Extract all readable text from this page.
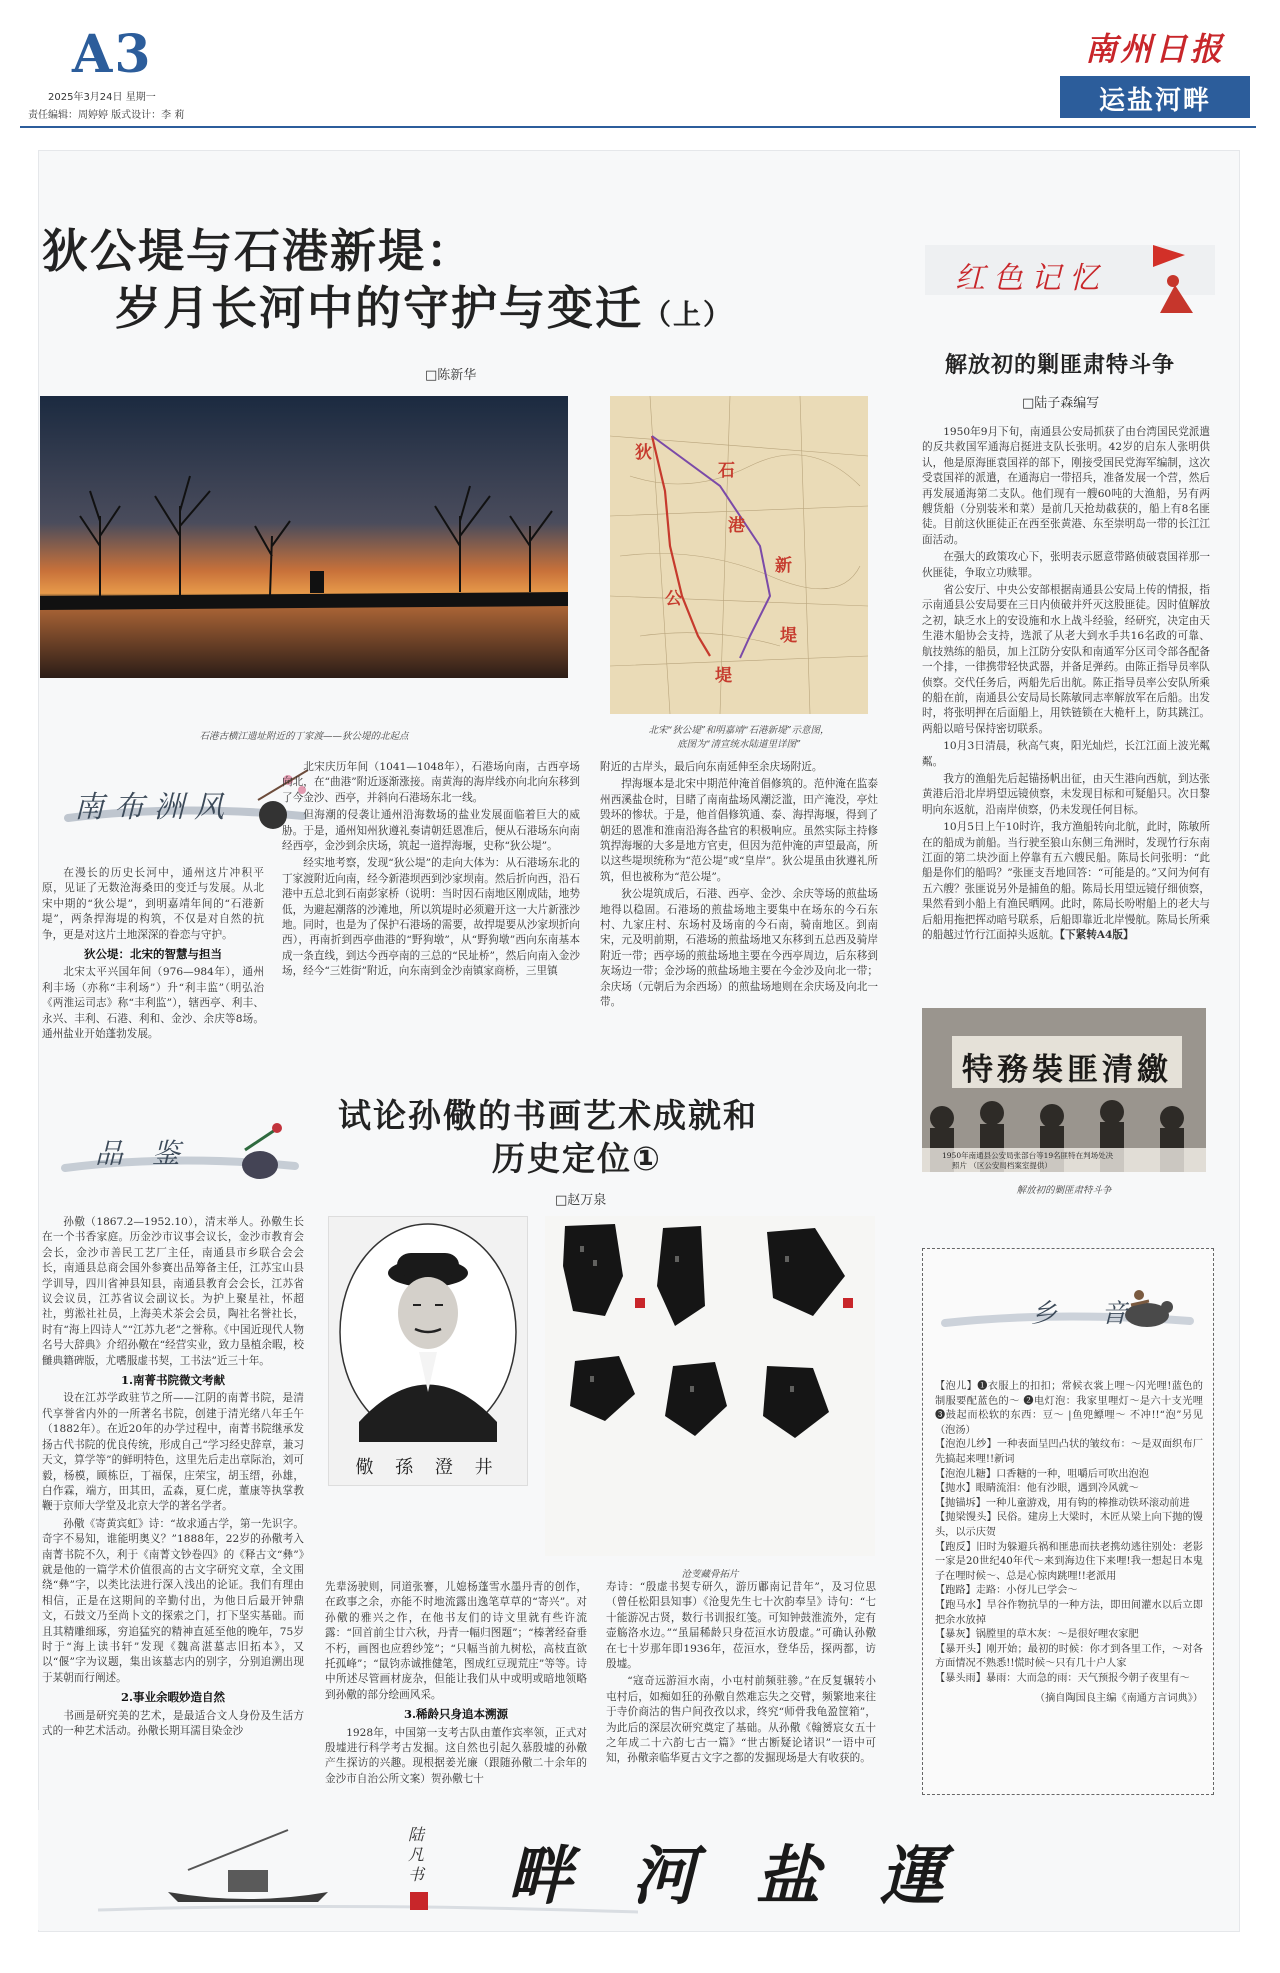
A3
2025年3月24日 星期一
责任编辑：周婷婷 版式设计：李 莉
南州日报
运盐河畔
狄公堤与石港新堤：
岁月长河中的守护与变迁（上）
□陈新华
石港古横江遗址附近的丁家渡——狄公堤的北起点
狄
公
堤
石
港
新
堤
北宋“狄公堤”和明嘉靖“石港新堤”示意图，
底图为“清宣统水陆道里详图”
南布洲风

在漫长的历史长河中，通州这片冲积平原，见证了无数沧海桑田的变迁与发展。从北宋中期的“狄公堤”，到明嘉靖年间的“石港新堤”，两条捍海堤的构筑，不仅是对自然的抗争，更是对这片土地深深的眷恋与守护。

狄公堤：北宋的智慧与担当

北宋太平兴国年间（976—984年），通州利丰场（亦称“丰利场”）升“利丰监”（明弘治《两淮运司志》称“丰利监”），辖西亭、利丰、永兴、丰利、石港、利和、金沙、余庆等8场。通州盐业开始蓬勃发展。

北宋庆历年间（1041—1048年），石港场向南，古西亭场向北，在“曲港”附近逐渐涨接。南黄海的海岸线亦向北向东移到了今金沙、西亭，并斜向石港场东北一线。

但海潮的侵袭让通州沿海数场的盐业发展面临着巨大的威胁。于是，通州知州狄遵礼奏请朝廷恩准后，便从石港场东向南经西亭，金沙到余庆场，筑起一道捍海堰，史称“狄公堤”。

经实地考察，发现“狄公堤”的走向大体为：从石港场东北的丁家渡附近向南，经今新港坝西到沙家坝南。然后折向西，沿石港中五总北到石南彭家桥（说明：当时因石南地区刚成陆，地势低，为避起潮落的沙滩地，所以筑堤时必须避开这一大片新涨沙地。同时，也是为了保护石港场的需要，故捍堤要从沙家坝折向西），再南折到西亭曲港的“野狗墩”，从“野狗墩”西向东南基本成一条直线，到达今西亭南的三总的“民址桥”，然后向南入金沙场，经今“三姓街”附近，向东南到金沙南镇家商桥，三里镇

附近的古岸头，最后向东南延伸至余庆场附近。

捍海堰本是北宋中期范仲淹首倡修筑的。范仲淹在监泰州西溪盐仓时，目睹了南南盐场风潮泛滥，田产淹没，亭灶毁坏的惨状。于是，他首倡修筑通、泰、海捍海堰，得到了朝廷的恩准和淮南沿海各盐官的积极响应。虽然实际主持修筑捍海堰的大多是地方官吏，但因为范仲淹的声望最高，所以这些堤坝统称为“范公堤”或“皇岸”。狄公堤虽由狄遵礼所筑，但也被称为“范公堤”。

狄公堤筑成后，石港、西亭、金沙、余庆等场的煎盐场地得以稳固。石港场的煎盐场地主要集中在场东的今石东村、九家庄村、东场村及场南的今石南，骑南地区。到南宋，元及明前期，石港场的煎盐场地又东移到五总西及骑岸附近一带；西亭场的煎盐场地主要在今西亭周边，后东移到灰场边一带；金沙场的煎盐场地主要在今金沙及向北一带；余庆场（元朝后为余西场）的煎盐场地则在余庆场及向北一带。

红色记忆
解放初的剿匪肃特斗争
□陆子森编写

1950年9月下旬，南通县公安局抓获了由台湾国民党派遣的反共救国军通海启挺进支队长张明。42岁的启东人张明供认，他是原海匪袁国祥的部下，刚接受国民党海军编制，这次受袁国祥的派遣，在通海启一带招兵，准备发展一个营，然后再发展通海第二支队。他们现有一艘60吨的大渔船，另有两艘货船（分别装米和菜）是前几天抢劫截获的，船上有8名匪徒。目前这伙匪徒正在西至张黄港、东至崇明岛一带的长江江面活动。

在强大的政策攻心下，张明表示愿意带路侦破袁国祥那一伙匪徒，争取立功赎罪。

省公安厅、中央公安部根据南通县公安局上传的情报，指示南通县公安局要在三日内侦破并歼灭这股匪徒。因时值解放之初，缺乏水上的安设施和水上战斗经验，经研究，决定由天生港木船协会支持，选派了从老大到水手共16名政的可靠、航技熟练的船员，加上江防分安队和南通军分区司令部各配备一个排，一律携带轻快武器，并备足弹药。由陈正指导员率队侦察。交代任务后，两船先后出航。陈正指导员率公安队所乘的船在前，南通县公安局局长陈敏同志率解放军在后船。出发时，将张明押在后面船上，用铁链锁在大桅杆上，防其跳江。两船以暗号保持密切联系。

10月3日清晨，秋高气爽，阳光灿烂，长江江面上波光粼粼。

我方的渔船先后起锚扬帆出征，由天生港向西航，到达张黄港后沿北岸坍望远镜侦察，未发现目标和可疑船只。次日黎明向东返航，沿南岸侦察，仍未发现任何目标。

10月5日上午10时许，我方渔船转向北航，此时，陈敏所在的船成为前船。当行驶至狼山东侧三角洲时，发现竹行东南江面的第二块沙面上停靠有五六艘民船。陈局长问张明：“此船是你们的船吗？”张匪支吾地回答：“可能是的。”又问为何有五六艘？张匪说另外是捕鱼的船。陈局长用望远镜仔细侦察，果然看到小船上有渔民晒网。此时，陈局长吩咐船上的老大与后船用拖把挥动暗号联系，后船即靠近北岸慢航。陈局长所乘的船越过竹行江面掉头返航。【下紧转A4版】

特務裝匪清繳
1950年南通县公安局张部台等19名匪特在判场处决
照片 （区公安局档案室提供）
解放初的剿匪肃特斗争
品 鉴
试论孙儆的书画艺术成就和
历史定位①
□赵万泉
儆 孫 澄 井
沧芰藏骨拓片

孙儆（1867.2—1952.10），清末举人。孙儆生长在一个书香家庭。历金沙市议事会议长，金沙市教育会会长，金沙市善民工艺厂主任，南通县市乡联合会会长，南通县总商会国外参赛出品筹备主任，江苏宝山县学训导，四川省神县知县，南通县教育会会长，江苏省议会议员，江苏省议会副议长。为护上聚星社，怀超社，剪淞社社员，上海美术茶会会员，陶社名誉社长，时有“海上四诗人”“江苏九老”之誉称。《中国近现代人物名号大辞典》介绍孙儆在“经营实业，致力垦植余暇，校雠典籍碑版，尤嗜服虚书契，工书法”近三十年。

1.南菁书院微文考献

设在江苏学政驻节之所——江阴的南菁书院，是清代享誉省内外的一所著名书院，创建于清光绪八年壬午（1882年）。在近20年的办学过程中，南菁书院继承发扬古代书院的优良传统，形成自己“学习经史辞章，兼习天文，算学等”的鲜明特色，这里先后走出章际治，刘可毅，杨模，顾栋臣，丁福保，庄荣宝，胡玉缙，孙雄，白作霖，端方，田其田，孟森，夏仁虎，董康等执掌教鞭于京师大学堂及北京大学的著名学者。

孙儆《寄黄宾虹》诗：“故求通古学，第一先识字。奇字不易知，谁能明奥义？”1888年，22岁的孙儆考入南菁书院不久，利于《南菁文钞卷四》的《释古文“彝”》就是他的一篇学术价值很高的古文字研究文章，全文围绕“彝”字，以类比法进行深入浅出的论证。我们有理由相信，正是在这期间的辛勤付出，为他日后最开钟鼎文，石鼓文乃至尚卜文的探索之门，打下坚实基础。而且其精雕细琢，穷追猛究的精神直延至他的晚年，75岁时于“海上读书轩”发现《魏高湛墓志旧拓本》，又以“偃”字为议题，集出该墓志内的别字，分别追溯出现于某朝而行阐述。

2.事业余暇妙造自然

书画是研究美的艺术，是最适合文人身份及生活方式的一种艺术活动。孙儆长期耳濡目染金沙

先辈汤驶则，同道张謇，儿媳杨蓬雪水墨丹青的创作，在政事之余，亦能不时地流露出逸笔草草的“寄兴”。对孙儆的雅兴之作，在他书友们的诗文里就有些许流露：“回首前尘廿六秋，丹青一幅归图题”；“榛著经奋垂不朽，画图也应碧纱笼”；“只幅当前九树松，高枝直欲托孤峰”；“鼠钧赤诚推健笔，图成红豆现荒庄”等等。诗中所述尽管画材庞杂，但能让我们从中或明或暗地领略到孙儆的部分绘画风采。

3.稀龄只身追本溯源

1928年，中国第一支考古队由董作宾率领，正式对殷墟进行科学考古发掘。这自然也引起久慕殷墟的孙儆产生探访的兴趣。现根据姜光廉（跟随孙儆二十余年的金沙市自治公所文案）贺孙儆七十

寿诗：“殷虚书契专研久，游历鄘南记昔年”，及习位思（曾任松阳县知事）《沧叟先生七十次韵奉呈》诗句：“七十能游况古贤，数行书训报红笺。可知钟鼓淮流外，定有壶觞洛水边。”“虽届稀龄只身莅洹水访殷虚。”可确认孙儆在七十岁那年即1936年，莅洹水，登华岳，探两都，访殷墟。

“寇奇远游洹水南，小屯村前频驻骖。”在反复辗转小屯村后，如痴如狂的孙儆自然难忘失之交臂，频繁地来往于寺价商沽的售户间孜孜以求，终究“师骨我龟盈筐箱”，为此后的深层次研究奠定了基础。从孙儆《翰赟宸女五十之年成二十六韵七古一篇》“世古断疑论诸识”一语中可知，孙儆亲临华夏古文字之都的发掘现场是大有收获的。

乡 音
【泡儿】❶衣服上的扣扣；常候衣裳上哩～闪光哩!蓝色的制服要配蓝色的～ ❷电灯泡：我家里哩灯～是六十支光哩 ❸鼓起而松软的东西：豆～ |鱼兜鳔哩～ 不冲!!“泡”另见（泡汤）
【泡泡儿纱】一种表面呈凹凸状的皱纹布：～是双面织布厂先搞起来哩!!新词
【泡泡儿糖】口香糖的一种，咀嚼后可吹出泡泡
【抛水】眼睛流泪：他有沙眼，遇到冷风就～
【抛锚坼】一种儿童游戏，用有钩的棒推动铁环滚动前进
【抛梁馒头】民俗。建房上大梁时，木匠从梁上向下抛的馒头，以示庆贺
【跑反】旧时为躲避兵祸和匪患而扶老携幼逃往别处：老影一家是20世纪40年代～来到海边住下来哩!我一想起日本鬼子在哩时候～、总是心惊肉跳哩!!老派用
【跑路】走路：小伢儿已学会～
【跑马水】旱谷作物抗旱的一种方法，即田间灌水以后立即把余水放掉
【暴灰】锅膛里的草木灰：～是很好哩农家肥
【暴开头】刚开始；最初的时候：你才到各里工作，～对各方面情况不熟悉!!慌时候～只有几十户人家
【暴头雨】暴雨：大而急的雨：天气预报今朝子夜里有～
（摘自陶国良主编《南通方言词典》）
陆凡书 畔河盐運
